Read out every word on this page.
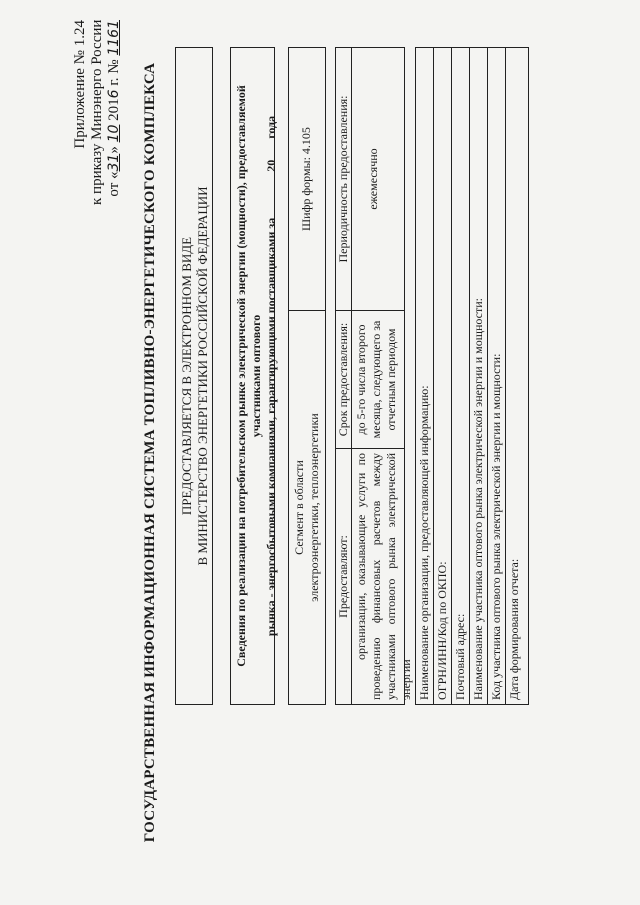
Приложение № 1.24 к приказу Минэнерго России от «31» 10 2016 г. № 1161
ГОСУДАРСТВЕННАЯ ИНФОРМАЦИОННАЯ СИСТЕМА ТОПЛИВНО-ЭНЕРГЕТИЧЕСКОГО КОМПЛЕКСА ПРЕДОСТАВЛЯЕТСЯ В ЭЛЕКТРОННОМ ВИДЕ В МИНИСТЕРСТВО ЭНЕРГЕТИКИ РОССИЙСКОЙ ФЕДЕРАЦИИ Сведения по реализации на потребительском рынке электрической энергии (мощности), предоставляемой участниками оптового рынка - энергосбытовыми компаниями, гарантирующими поставщиками за  20 года
Сегмент в области электроэнергетики, теплоэнергетики
Шифр формы: 4.105
Предоставляют: организации, оказывающие услуги по проведению финансовых расчетов между участниками оптового рынка электрической энергии
Срок предоставления: до 5-го числа второго месяца, следующего за отчетным периодом
Периодичность предоставления:	ежемесячно
Наименование организации, предоставляющей информацию: ОГРН/ИНН/Код по ОКПО: Почтовый адрес: Наименование участника оптового рынка электрической энергии и мощности: Код участника оптового рынка электрической энергии и мощности: Дата формирования отчета:
